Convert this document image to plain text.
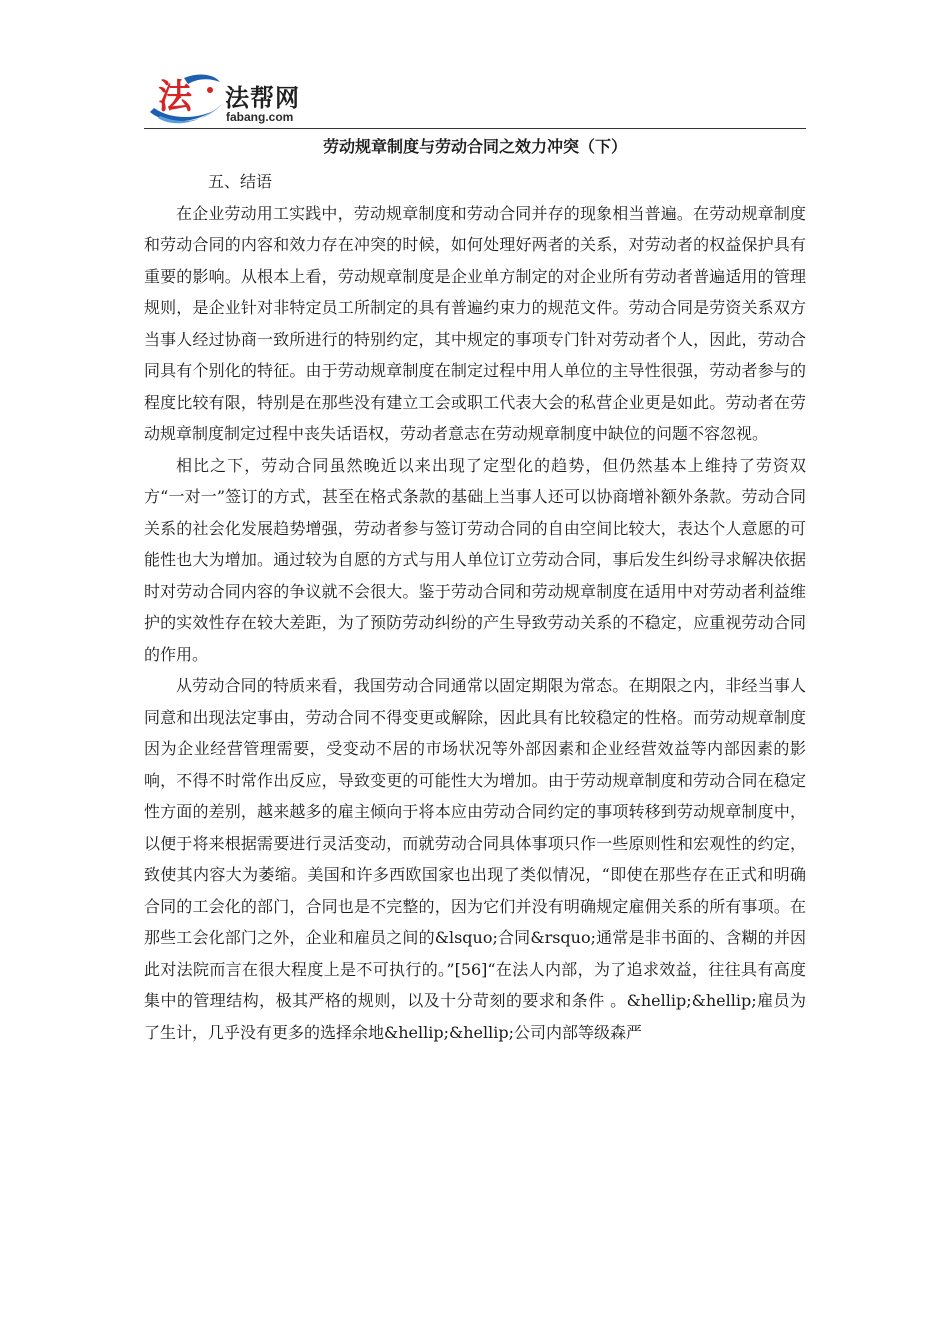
法 法帮网
fabang.com
劳动规章制度与劳动合同之效力冲突（下）

五、结语

在企业劳动用工实践中，劳动规章制度和劳动合同并存的现象相当普遍。在劳动规章制度和劳动合同的内容和效力存在冲突的时候，如何处理好两者的关系，对劳动者的权益保护具有重要的影响。从根本上看，劳动规章制度是企业单方制定的对企业所有劳动者普遍适用的管理规则，是企业针对非特定员工所制定的具有普遍约束力的规范文件。劳动合同是劳资关系双方当事人经过协商一致所进行的特别约定，其中规定的事项专门针对劳动者个人，因此，劳动合同具有个别化的特征。由于劳动规章制度在制定过程中用人单位的主导性很强，劳动者参与的程度比较有限，特别是在那些没有建立工会或职工代表大会的私营企业更是如此。劳动者在劳动规章制度制定过程中丧失话语权，劳动者意志在劳动规章制度中缺位的问题不容忽视。

相比之下，劳动合同虽然晚近以来出现了定型化的趋势，但仍然基本上维持了劳资双方“一对一”签订的方式，甚至在格式条款的基础上当事人还可以协商增补额外条款。劳动合同关系的社会化发展趋势增强，劳动者参与签订劳动合同的自由空间比较大，表达个人意愿的可能性也大为增加。通过较为自愿的方式与用人单位订立劳动合同，事后发生纠纷寻求解决依据时对劳动合同内容的争议就不会很大。鉴于劳动合同和劳动规章制度在适用中对劳动者利益维护的实效性存在较大差距，为了预防劳动纠纷的产生导致劳动关系的不稳定，应重视劳动合同的作用。

从劳动合同的特质来看，我国劳动合同通常以固定期限为常态。在期限之内，非经当事人同意和出现法定事由，劳动合同不得变更或解除，因此具有比较稳定的性格。而劳动规章制度因为企业经营管理需要，受变动不居的市场状况等外部因素和企业经营效益等内部因素的影响，不得不时常作出反应，导致变更的可能性大为增加。由于劳动规章制度和劳动合同在稳定性方面的差别，越来越多的雇主倾向于将本应由劳动合同约定的事项转移到劳动规章制度中，以便于将来根据需要进行灵活变动，而就劳动合同具体事项只作一些原则性和宏观性的约定，致使其内容大为萎缩。美国和许多西欧国家也出现了类似情况，“即使在那些存在正式和明确合同的工会化的部门，合同也是不完整的，因为它们并没有明确规定雇佣关系的所有事项。在那些工会化部门之外，企业和雇员之间的&lsquo;合同&rsquo;通常是非书面的、含糊的并因此对法院而言在很大程度上是不可执行的。”[56]“在法人内部，为了追求效益，往往具有高度集中的管理结构，极其严格的规则，以及十分苛刻的要求和条件 。&hellip;&hellip;雇员为了生计，几乎没有更多的选择余地&hellip;&hellip;公司内部等级森严
